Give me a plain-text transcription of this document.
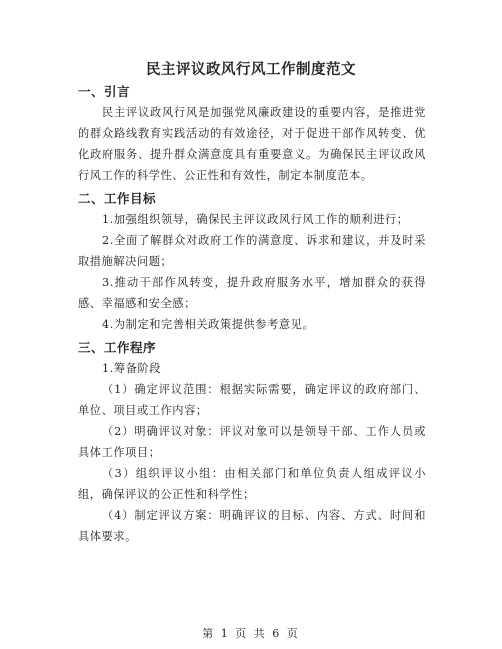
民主评议政风行风工作制度范文
一、引言
民主评议政风行风是加强党风廉政建设的重要内容，是推进党的群众路线教育实践活动的有效途径，对于促进干部作风转变、优化政府服务、提升群众满意度具有重要意义。为确保民主评议政风行风工作的科学性、公正性和有效性，制定本制度范本。
二、工作目标
1.加强组织领导，确保民主评议政风行风工作的顺利进行；
2.全面了解群众对政府工作的满意度、诉求和建议，并及时采取措施解决问题；
3.推动干部作风转变，提升政府服务水平，增加群众的获得感、幸福感和安全感；
4.为制定和完善相关政策提供参考意见。
三、工作程序
1.筹备阶段
（1）确定评议范围：根据实际需要，确定评议的政府部门、单位、项目或工作内容；
（2）明确评议对象：评议对象可以是领导干部、工作人员或具体工作项目；
（3）组织评议小组：由相关部门和单位负责人组成评议小组，确保评议的公正性和科学性；
（4）制定评议方案：明确评议的目标、内容、方式、时间和具体要求。
第 1 页 共 6 页
